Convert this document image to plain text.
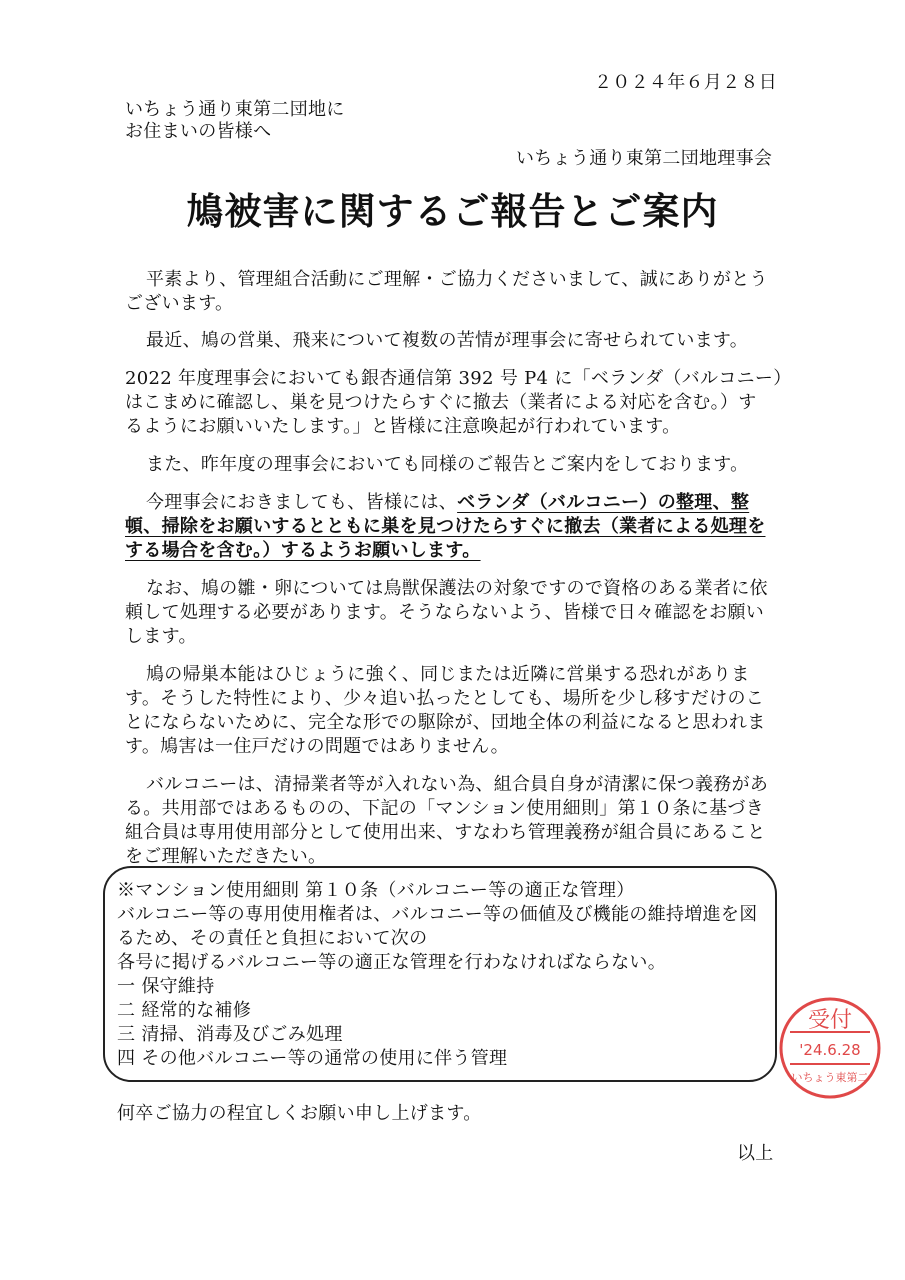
２０２４年６月２８日
いちょう通り東第二団地に
お住まいの皆様へ
いちょう通り東第二団地理事会
鳩被害に関するご報告とご案内
平素より、管理組合活動にご理解・ご協力くださいまして、誠にありがとう
ございます。
最近、鳩の営巣、飛来について複数の苦情が理事会に寄せられています。
2022 年度理事会においても銀杏通信第 392 号 P4 に「ベランダ（バルコニー）
はこまめに確認し、巣を見つけたらすぐに撤去（業者による対応を含む。）す
るようにお願いいたします。」と皆様に注意喚起が行われています。
また、昨年度の理事会においても同様のご報告とご案内をしております。
今理事会におきましても、皆様には、ベランダ（バルコニー）の整理、整
頓、掃除をお願いするとともに巣を見つけたらすぐに撤去（業者による処理を
する場合を含む。）するようお願いします。
なお、鳩の雛・卵については鳥獣保護法の対象ですので資格のある業者に依
頼して処理する必要があります。そうならないよう、皆様で日々確認をお願い
します。
鳩の帰巣本能はひじょうに強く、同じまたは近隣に営巣する恐れがありま
す。そうした特性により、少々追い払ったとしても、場所を少し移すだけのこ
とにならないために、完全な形での駆除が、団地全体の利益になると思われま
す。鳩害は一住戸だけの問題ではありません。
バルコニーは、清掃業者等が入れない為、組合員自身が清潔に保つ義務があ
る。共用部ではあるものの、下記の「マンション使用細則」第１０条に基づき
組合員は専用使用部分として使用出来、すなわち管理義務が組合員にあること
をご理解いただきたい。
※マンション使用細則 第１０条（バルコニー等の適正な管理）
バルコニー等の専用使用権者は、バルコニー等の価値及び機能の維持増進を図
るため、その責任と負担において次の
各号に掲げるバルコニー等の適正な管理を行わなければならない。
一 保守維持
二 経常的な補修
三 清掃、消毒及びごみ処理
四 その他バルコニー等の通常の使用に伴う管理
何卒ご協力の程宜しくお願い申し上げます。
以上
受付
'24.6.28
いちょう東第二
